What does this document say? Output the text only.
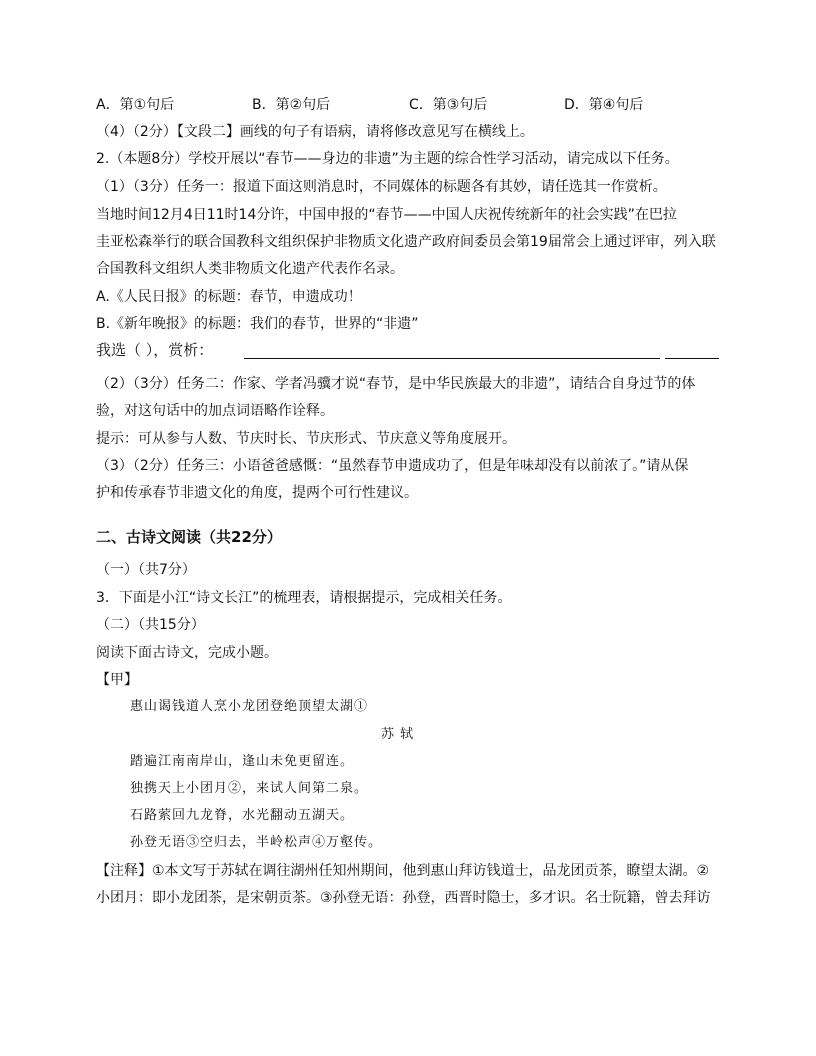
A．第①句后	B．第②句后	C．第③句后	D．第④句后
（4）（2分）【文段二】画线的句子有语病，请将修改意见写在横线上。
2.（本题8分）学校开展以“春节——身边的非遗”为主题的综合性学习活动，请完成以下任务。
（1）（3分）任务一：报道下面这则消息时，不同媒体的标题各有其妙，请任选其一作赏析。
当地时间12月4日11时14分许，中国申报的“春节——中国人庆祝传统新年的社会实践”在巴拉
圭亚松森举行的联合国教科文组织保护非物质文化遗产政府间委员会第19届常会上通过评审，列入联
合国教科文组织人类非物质文化遗产代表作名录。
A.《人民日报》的标题：春节，申遗成功！
B.《新年晚报》的标题：我们的春节，世界的“非遗”
我选（ ），赏析：
（2）（3分）任务二：作家、学者冯骥才说“春节，是中华民族最大的非遗”，请结合自身过节的体
验，对这句话中的加点词语略作诠释。
提示：可从参与人数、节庆时长、节庆形式、节庆意义等角度展开。
（3）（2分）任务三：小语爸爸感慨：“虽然春节申遗成功了，但是年味却没有以前浓了。”请从保
护和传承春节非遗文化的角度，提两个可行性建议。
二、古诗文阅读（共22分）
（一）（共7分）
3．下面是小江“诗文长江”的梳理表，请根据提示，完成相关任务。
（二）（共15分）
阅读下面古诗文，完成小题。
【甲】
惠山谒钱道人烹小龙团登绝顶望太湖①
苏 轼
踏遍江南南岸山，逢山未免更留连。
独携天上小团月②，来试人间第二泉。
石路萦回九龙脊，水光翻动五湖天。
孙登无语③空归去，半岭松声④万壑传。
【注释】①本文写于苏轼在调往湖州任知州期间，他到惠山拜访钱道士，品龙团贡茶，瞭望太湖。②
小团月：即小龙团茶，是宋朝贡茶。③孙登无语：孙登，西晋时隐士，多才识。名士阮籍，曾去拜访
